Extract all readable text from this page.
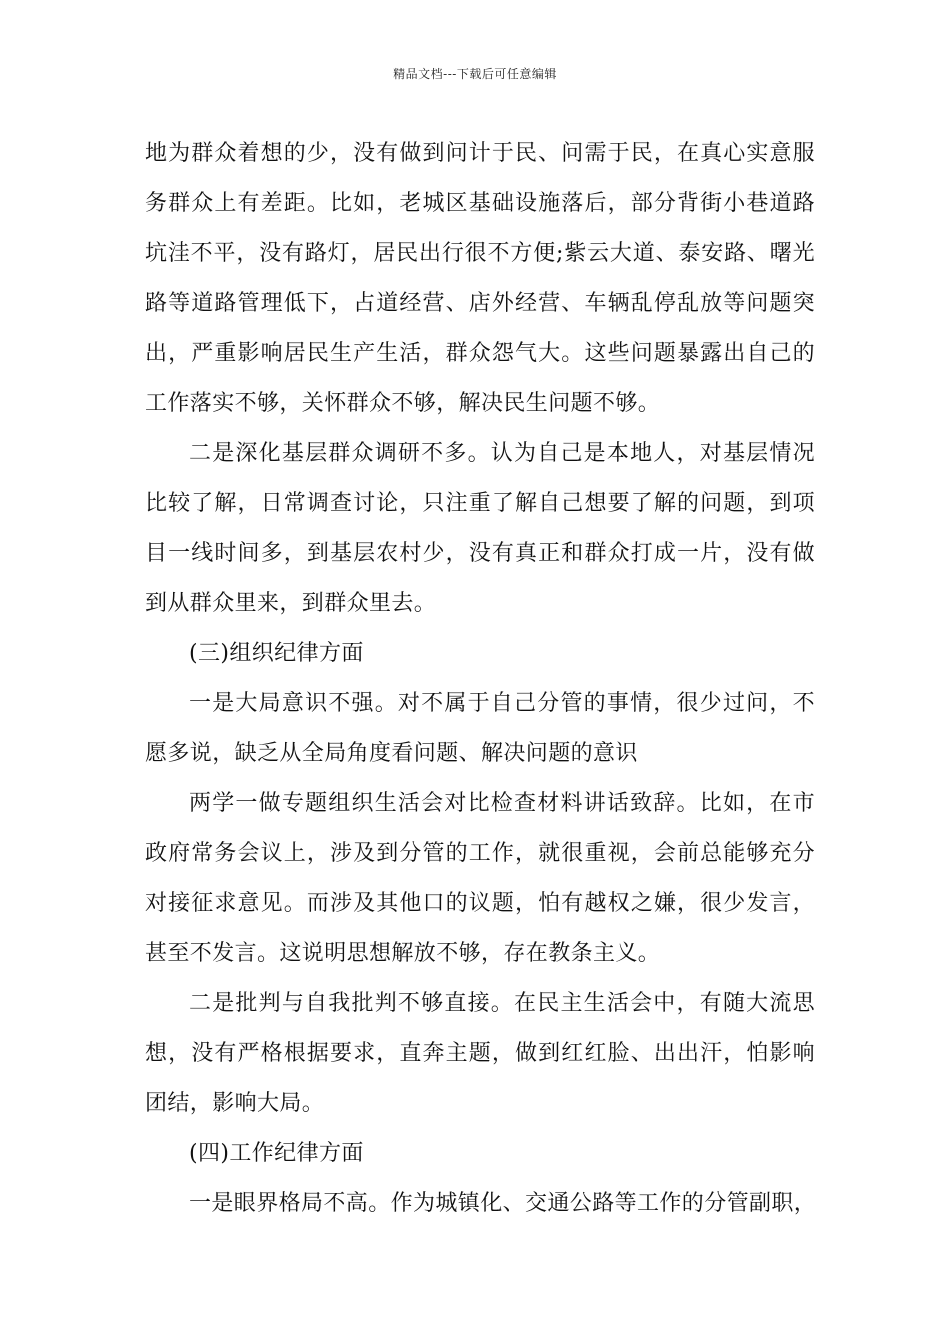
精品文档---下载后可任意编辑
地为群众着想的少，没有做到问计于民、问需于民，在真心实意服
务群众上有差距。比如，老城区基础设施落后，部分背街小巷道路
坑洼不平，没有路灯，居民出行很不方便;紫云大道、泰安路、曙光
路等道路管理低下，占道经营、店外经营、车辆乱停乱放等问题突
出，严重影响居民生产生活，群众怨气大。这些问题暴露出自己的
工作落实不够，关怀群众不够，解决民生问题不够。
二是深化基层群众调研不多。认为自己是本地人，对基层情况
比较了解，日常调查讨论，只注重了解自己想要了解的问题，到项
目一线时间多，到基层农村少，没有真正和群众打成一片，没有做
到从群众里来，到群众里去。
(三)组织纪律方面
一是大局意识不强。对不属于自己分管的事情，很少过问，不
愿多说，缺乏从全局角度看问题、解决问题的意识
两学一做专题组织生活会对比检查材料讲话致辞。比如，在市
政府常务会议上，涉及到分管的工作，就很重视，会前总能够充分
对接征求意见。而涉及其他口的议题，怕有越权之嫌，很少发言，
甚至不发言。这说明思想解放不够，存在教条主义。
二是批判与自我批判不够直接。在民主生活会中，有随大流思
想，没有严格根据要求，直奔主题，做到红红脸、出出汗，怕影响
团结，影响大局。
(四)工作纪律方面
一是眼界格局不高。作为城镇化、交通公路等工作的分管副职，
